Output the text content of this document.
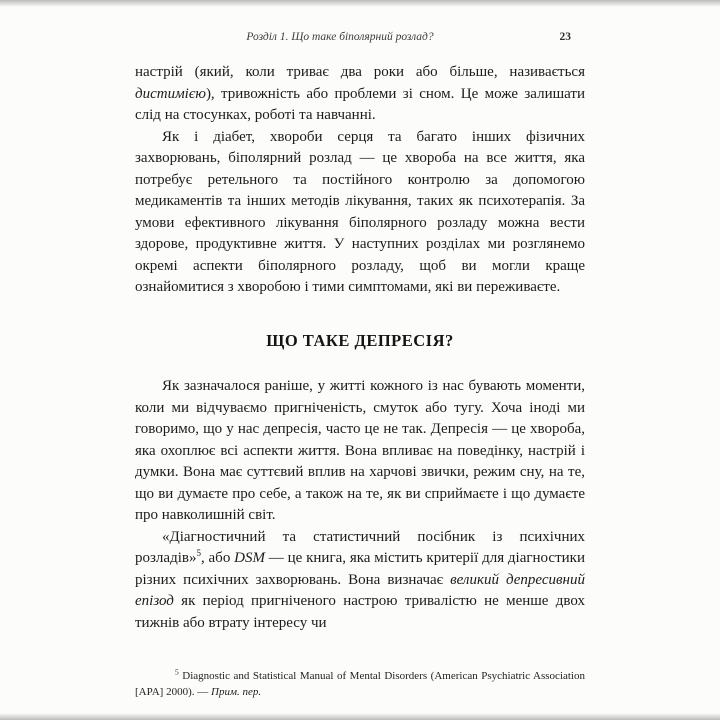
Розділ 1. Що таке біполярний розлад?	23

настрій (який, коли триває два роки або більше, називається дистимією), тривожність або проблеми зі сном. Це може залишати слід на стосунках, роботі та навчанні.

Як і діабет, хвороби серця та багато інших фізичних захворювань, біполярний розлад — це хвороба на все життя, яка потребує ретельного та постійного контролю за допомогою медикаментів та інших методів лікування, таких як психотерапія. За умови ефективного лікування біполярного розладу можна вести здорове, продуктивне життя. У наступних розділах ми розглянемо окремі аспекти біполярного розладу, щоб ви могли краще ознайомитися з хворобою і тими симптомами, які ви переживаєте.

ЩО ТАКЕ ДЕПРЕСІЯ?

Як зазначалося раніше, у житті кожного із нас бувають моменти, коли ми відчуваємо пригніченість, смуток або тугу. Хоча іноді ми говоримо, що у нас депресія, часто це не так. Депресія — це хвороба, яка охоплює всі аспекти життя. Вона впливає на поведінку, настрій і думки. Вона має суттєвий вплив на харчові звички, режим сну, на те, що ви думаєте про себе, а також на те, як ви сприймаєте і що думаєте про навколишній світ.

«Діагностичний та статистичний посібник із психічних розладів»$^5$, або DSM — це книга, яка містить критерії для діагностики різних психічних захворювань. Вона визначає великий депресивний епізод як період пригніченого настрою тривалістю не менше двох тижнів або втрату інтересу чи

$^5$ Diagnostic and Statistical Manual of Mental Disorders (American Psychiatric Association [APA] 2000). — Прим. пер.
